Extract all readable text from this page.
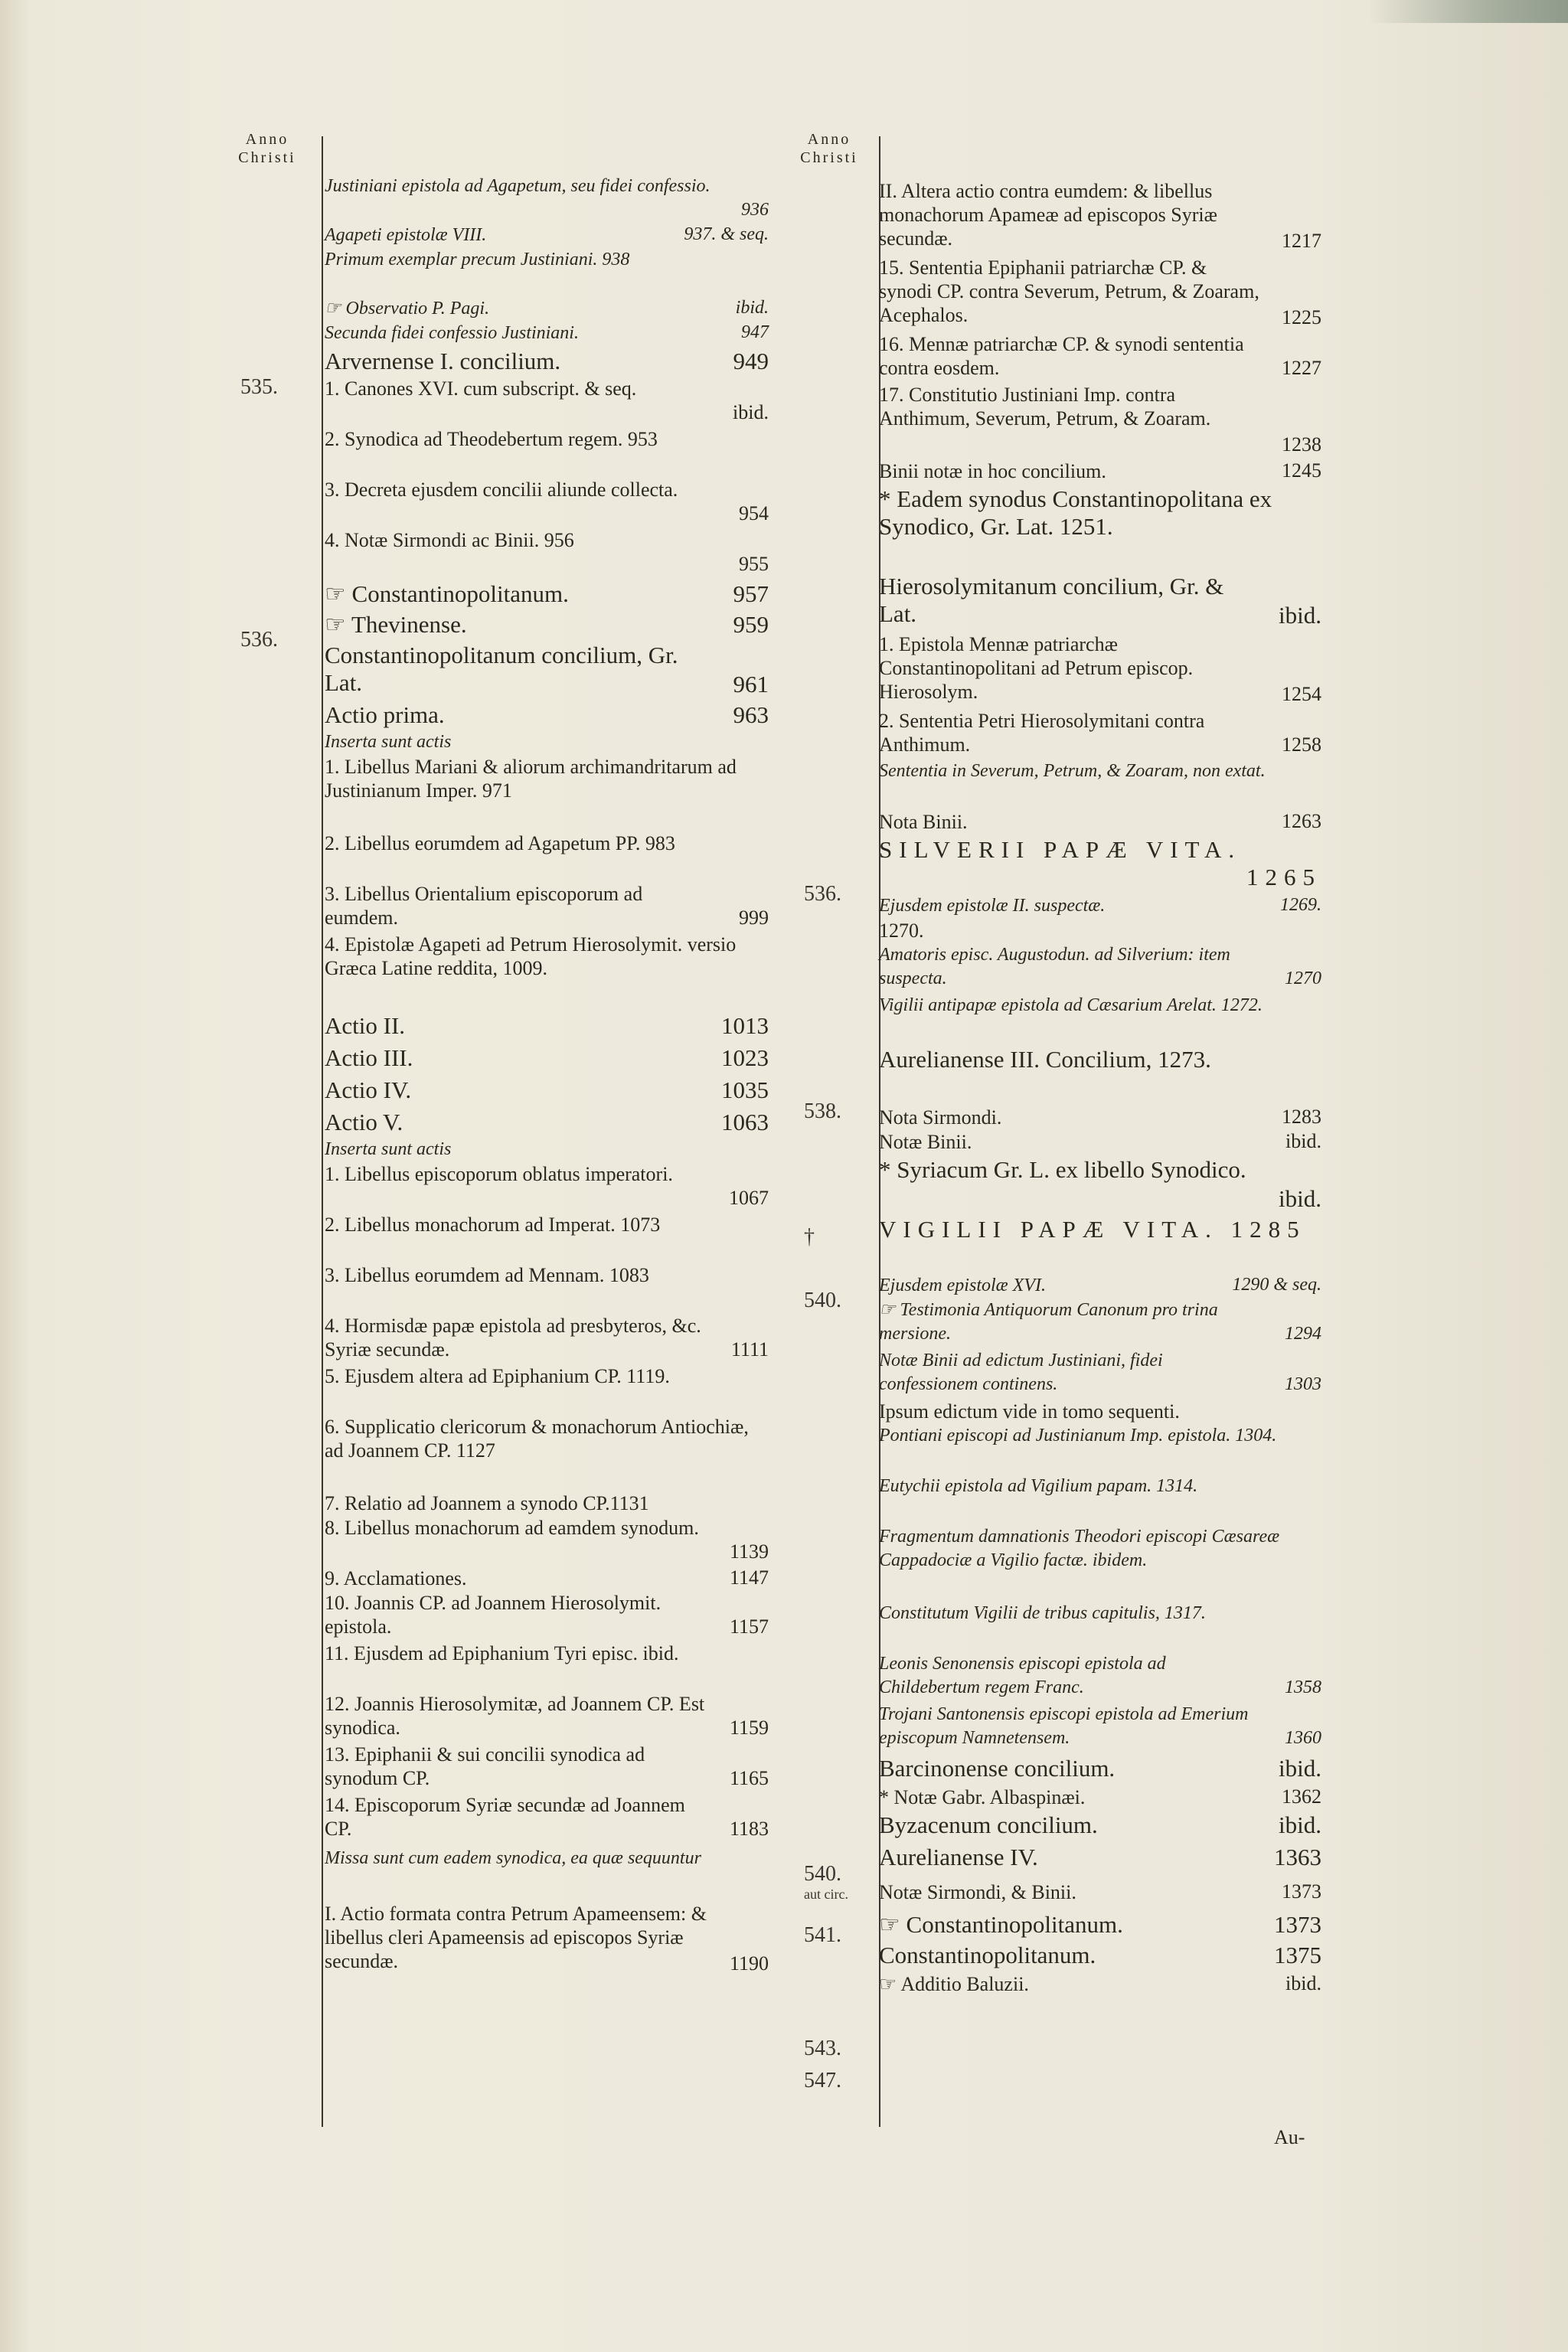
Anno
Christi
Anno
Christi
535.
536.
536.
538.
†
540.
540.
aut circ.
541.
543.
547.
Justiniani epistola ad Agapetum, seu fidei confessio.
936
Agapeti epistolæ VIII.	937. & seq.
Primum exemplar precum Justiniani. 938
☞ Observatio P. Pagi.	ibid.
Secunda fidei confessio Justiniani.	947
Arvernense I. concilium.	949
1. Canones XVI. cum subscript. & seq.
ibid.
2. Synodica ad Theodebertum regem. 953
3. Decreta ejusdem concilii aliunde collecta.
954
4. Notæ Sirmondi ac Binii. 956
955
☞ Constantinopolitanum.	957
☞ Thevinense.	959
Constantinopolitanum concilium, Gr. Lat.	961
Actio prima.	963
Inserta sunt actis
1. Libellus Mariani & aliorum archimandritarum ad Justinianum Imper. 971
2. Libellus eorumdem ad Agapetum PP. 983
3. Libellus Orientalium episcoporum ad eumdem.	999
4. Epistolæ Agapeti ad Petrum Hierosolymit. versio Græca Latine reddita, 1009.
Actio II.	1013
Actio III.	1023
Actio IV.	1035
Actio V.	1063
Inserta sunt actis
1. Libellus episcoporum oblatus imperatori.
1067
2. Libellus monachorum ad Imperat. 1073
3. Libellus eorumdem ad Mennam. 1083
4. Hormisdæ papæ epistola ad presbyteros, &c. Syriæ secundæ.	1111
5. Ejusdem altera ad Epiphanium CP. 1119.
6. Supplicatio clericorum & monachorum Antiochiæ, ad Joannem CP. 1127
7. Relatio ad Joannem a synodo CP.1131
8. Libellus monachorum ad eamdem synodum.
1139
9. Acclamationes.	1147
10. Joannis CP. ad Joannem Hierosolymit. epistola.	1157
11. Ejusdem ad Epiphanium Tyri episc. ibid.
12. Joannis Hierosolymitæ, ad Joannem CP. Est synodica.	1159
13. Epiphanii & sui concilii synodica ad synodum CP.	1165
14. Episcoporum Syriæ secundæ ad Joannem CP.	1183
Missa sunt cum eadem synodica, ea quæ sequuntur
I. Actio formata contra Petrum Apameensem: & libellus cleri Apameensis ad episcopos Syriæ secundæ.	1190
II. Altera actio contra eumdem: & libellus monachorum Apameæ ad episcopos Syriæ secundæ.	1217
15. Sententia Epiphanii patriarchæ CP. & synodi CP. contra Severum, Petrum, & Zoaram, Acephalos.	1225
16. Mennæ patriarchæ CP. & synodi sententia contra eosdem.	1227
17. Constitutio Justiniani Imp. contra Anthimum, Severum, Petrum, & Zoaram.
1238
Binii notæ in hoc concilium.	1245
* Eadem synodus Constantinopolitana ex Synodico, Gr. Lat. 1251.
Hierosolymitanum concilium, Gr. & Lat.	ibid.
1. Epistola Mennæ patriarchæ Constantinopolitani ad Petrum episcop. Hierosolym.	1254
2. Sententia Petri Hierosolymitani contra Anthimum.	1258
Sententia in Severum, Petrum, & Zoaram, non extat.
Nota Binii.	1263
SILVERII PAPÆ VITA.
1265
Ejusdem epistolæ II. suspectæ.	1269.
1270.
Amatoris episc. Augustodun. ad Silverium: item suspecta.	1270
Vigilii antipapæ epistola ad Cæsarium Arelat. 1272.
Aurelianense III. Concilium, 1273.
Nota Sirmondi.	1283
Notæ Binii.	ibid.
* Syriacum Gr. L. ex libello Synodico.
ibid.
VIGILII PAPÆ VITA. 1285
Ejusdem epistolæ XVI.	1290 & seq.
☞ Testimonia Antiquorum Canonum pro trina mersione.	1294
Notæ Binii ad edictum Justiniani, fidei confessionem continens.	1303
Ipsum edictum vide in tomo sequenti.
Pontiani episcopi ad Justinianum Imp. epistola. 1304.
Eutychii epistola ad Vigilium papam. 1314.
Fragmentum damnationis Theodori episcopi Cæsareæ Cappadociæ a Vigilio factæ. ibidem.
Constitutum Vigilii de tribus capitulis, 1317.
Leonis Senonensis episcopi epistola ad Childebertum regem Franc.	1358
Trojani Santonensis episcopi epistola ad Emerium episcopum Namnetensem.	1360
Barcinonense concilium.	ibid.
* Notæ Gabr. Albaspinæi.	1362
Byzacenum concilium.	ibid.
Aurelianense IV.	1363
Notæ Sirmondi, & Binii.	1373
☞ Constantinopolitanum.	1373
Constantinopolitanum.	1375
☞ Additio Baluzii.	ibid.
Au-
